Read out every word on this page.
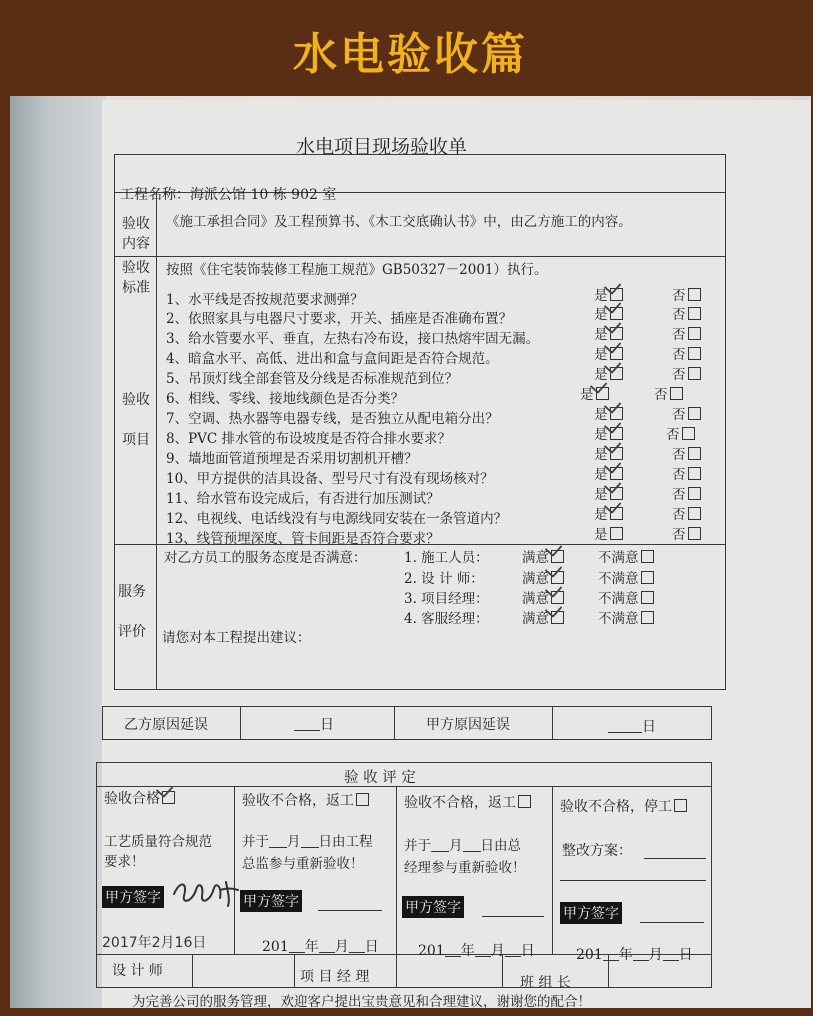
水电验收篇
水电项目现场验收单
工程名称：海派公馆 10 栋 902 室
验收
内容
《施工承担合同》及工程预算书、《木工交底确认书》中，由乙方施工的内容。
验收
标准
按照《住宅装饰装修工程施工规范》GB50327－2001）执行。
验收

项目
1、水平线是否按规范要求测弹？	是	否
2、依照家具与电器尺寸要求，开关、插座是否准确布置？	是	否
3、给水管要水平、垂直，左热右冷布设，接口热熔牢固无漏。	是	否
4、暗盒水平、高低、进出和盒与盒间距是否符合规范。	是	否
5、吊顶灯线全部套管及分线是否标准规范到位？	是	否
6、相线、零线、接地线颜色是否分类？	是	否
7、空调、热水器等电器专线，是否独立从配电箱分出？	是	否
8、PVC 排水管的布设坡度是否符合排水要求？	是	否
9、墙地面管道预埋是否采用切割机开槽？	是	否
10、甲方提供的洁具设备、型号尺寸有没有现场核对？	是	否
11、给水管布设完成后，有否进行加压测试？	是	否
12、电视线、电话线没有与电源线同安装在一条管道内？	是	否
13、线管预埋深度、管卡间距是否符合要求？	是	否
服务

评价
对乙方员工的服务态度是否满意：	1. 施工人员： 满意	不满意
2. 设 计 师：	满意	不满意
3. 项目经理： 满意	不满意
4. 客服经理： 满意	不满意
请您对本工程提出建议：
乙方原因延误	日	甲方原因延误	日
验 收 评 定
验收合格
工艺质量符合规范
要求！
甲方签字
2017年2月16日
验收不合格，返工
并于 月 日由工程
总监参与重新验收！
甲方签字
201 年 月 日
验收不合格，返工
并于 月 日由总
经理参与重新验收！
甲方签字
201 年 月 日
验收不合格，停工
整改方案：
甲方签字
201 年 月 日
设 计 师	项 目 经 理	班 组 长
为完善公司的服务管理，欢迎客户提出宝贵意见和合理建议，谢谢您的配合！
